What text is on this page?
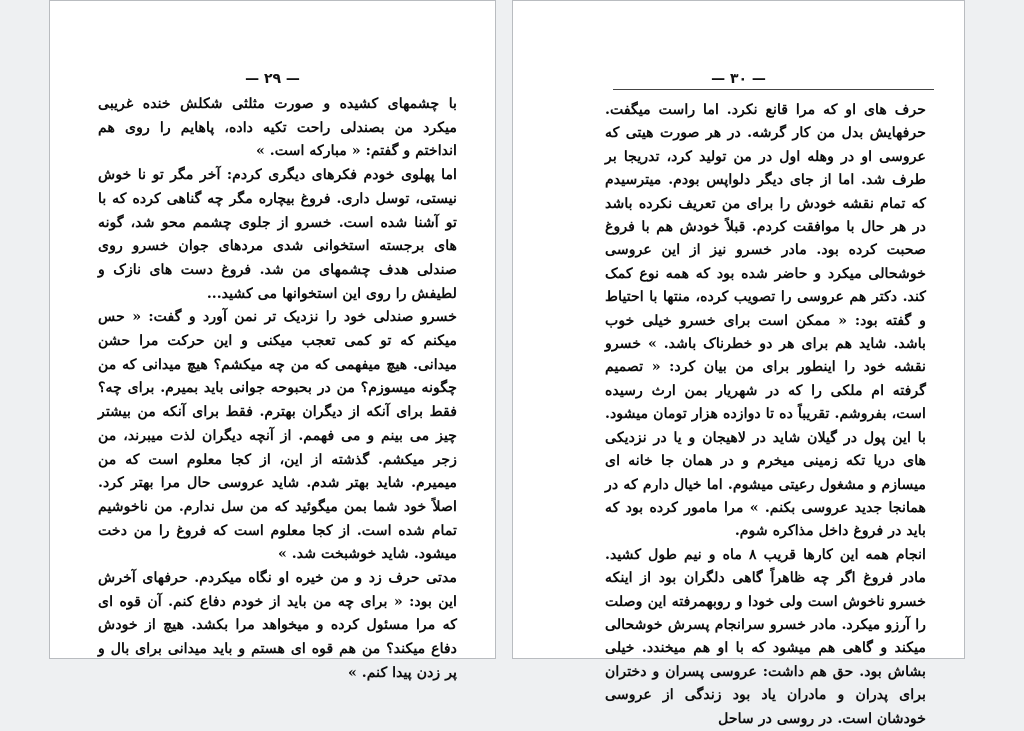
— ۲۹ —

با چشمهای کشیده و صورت مثلثی شکلش خنده غریبی میکرد من بصندلی راحت تکیه داده، پاهایم را روی هم انداختم و گفتم: « مبارکه است. »

اما پهلوی خودم فکرهای دیگری کردم: آخر مگر تو نا خوش نیستی، توسل داری. فروغ بیچاره مگر چه گناهی کرده که با تو آشنا شده است. خسرو از جلوی چشمم محو شد، گونه های برجسته استخوانی شدی مردهای جوان خسرو روی صندلی هدف چشمهای من شد. فروغ دست های نازک و لطیفش را روی این استخوانها می کشید...

خسرو صندلی خود را نزدیک تر نمن آورد و گفت: « حس میکنم که تو کمی تعجب میکنی و این حرکت مرا حشن میدانی. هیچ میفهمی که من چه میکشم؟ هیچ میدانی که من چگونه میسوزم؟ من در بحبوحه جوانی باید بمیرم. برای چه؟ فقط برای آنکه از دیگران بهترم. فقط برای آنکه من بیشتر چیز می بینم و می فهمم. از آنچه دیگران لذت میبرند، من زجر میکشم. گذشته از این، از کجا معلوم است که من میمیرم. شاید بهتر شدم. شاید عروسی حال مرا بهتر کرد. اصلاً خود شما بمن میگوئید که من سل ندارم. من ناخوشیم تمام شده است. از کجا معلوم است که فروغ را من دخت میشود. شاید خوشبخت شد. »

مدتی حرف زد و من خیره او نگاه میکردم. حرفهای آخرش این بود: « برای چه من باید از خودم دفاع کنم. آن قوه ای که مرا مسئول کرده و میخواهد مرا بکشد. هیچ از خودش دفاع میکند؟ من هم قوه ای هستم و باید میدانی برای بال و پر زدن پیدا کنم. »

— ۳۰ —

حرف های او که مرا قانع نکرد. اما راست میگفت. حرفهایش بدل من کار گرشه. در هر صورت هیتی که عروسی او در وهله اول در من تولید کرد، تدریجا بر طرف شد. اما از جای دیگر دلواپس بودم. میترسیدم که تمام نقشه خودش را برای من تعریف نکرده باشد در هر حال با موافقت کردم. قبلاً خودش هم با فروغ صحبت کرده بود. مادر خسرو نیز از این عروسی خوشحالی میکرد و حاضر شده بود که همه نوع کمک کند. دکتر هم عروسی را تصویب کرده، منتها با احتیاط و گفته بود: « ممکن است برای خسرو خیلی خوب باشد. شاید هم برای هر دو خطرناک باشد. » خسرو نقشه خود را اینطور برای من بیان کرد: « تصمیم گرفته ام ملکی را که در شهریار بمن ارث رسیده است، بفروشم. تقریباً ده تا دوازده هزار تومان میشود. با این پول در گیلان شاید در لاهیجان و یا در نزدیکی های دریا تکه زمینی میخرم و در همان جا خانه ای میسازم و مشغول رعیتی میشوم. اما خیال دارم که در همانجا جدید عروسی بکنم. » مرا مامور کرده بود که باید در فروغ داخل مذاکره شوم.

انجام همه این کارها قریب ۸ ماه و نیم طول کشید. مادر فروغ اگر چه ظاهراً گاهی دلگران بود از اینکه خسرو ناخوش است ولی خودا و روبهمرفته این وصلت را آرزو میکرد. مادر خسرو سرانجام پسرش خوشحالی میکند و گاهی هم میشود که با او هم میخندد. خیلی بشاش بود. حق هم داشت: عروسی پسران و دختران برای پدران و مادران یاد بود زندگی از عروسی خودشان است. در روسی در ساحل
